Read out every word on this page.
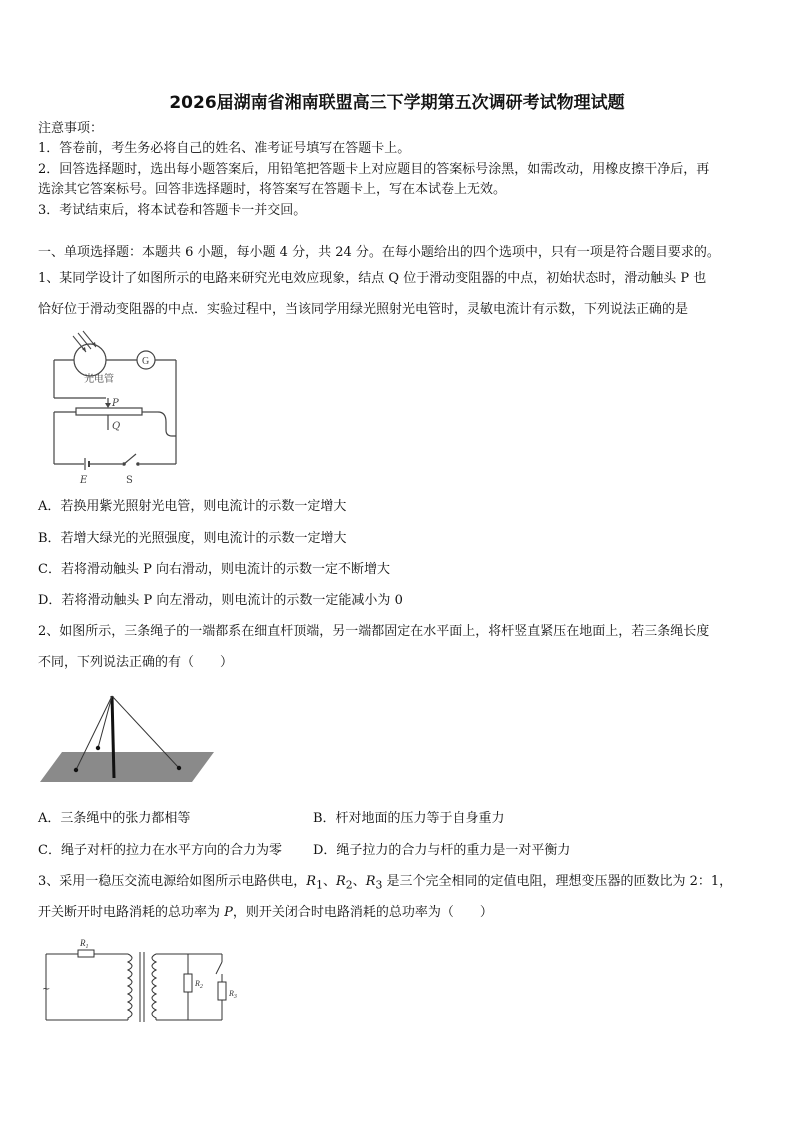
2026届湖南省湘南联盟高三下学期第五次调研考试物理试题
注意事项：
1．答卷前，考生务必将自己的姓名、准考证号填写在答题卡上。
2．回答选择题时，选出每小题答案后，用铅笔把答题卡上对应题目的答案标号涂黑，如需改动，用橡皮擦干净后，再
选涂其它答案标号。回答非选择题时，将答案写在答题卡上，写在本试卷上无效。
3．考试结束后，将本试卷和答题卡一并交回。
一、单项选择题：本题共 6 小题，每小题 4 分，共 24 分。在每小题给出的四个选项中，只有一项是符合题目要求的。
1、某同学设计了如图所示的电路来研究光电效应现象，结点 Q 位于滑动变阻器的中点，初始状态时，滑动触头 P 也
恰好位于滑动变阻器的中点．实验过程中，当该同学用绿光照射光电管时，灵敏电流计有示数，下列说法正确的是
G
光电管
P
Q
E	S
A．若换用紫光照射光电管，则电流计的示数一定增大
B．若增大绿光的光照强度，则电流计的示数一定增大
C．若将滑动触头 P 向右滑动，则电流计的示数一定不断增大
D．若将滑动触头 P 向左滑动，则电流计的示数一定能减小为 0
2、如图所示，三条绳子的一端都系在细直杆顶端，另一端都固定在水平面上，将杆竖直紧压在地面上，若三条绳长度
不同，下列说法正确的有（　　）
A．三条绳中的张力都相等	B．杆对地面的压力等于自身重力
C．绳子对杆的拉力在水平方向的合力为零 D．绳子拉力的合力与杆的重力是一对平衡力
3、采用一稳压交流电源给如图所示电路供电，$R_1$、$R_2$、$R_3$ 是三个完全相同的定值电阻，理想变压器的匝数比为 2：1，
开关断开时电路消耗的总功率为 P，则开关闭合时电路消耗的总功率为（　　）
$R_1$
~
$R_2$
$R_3$
